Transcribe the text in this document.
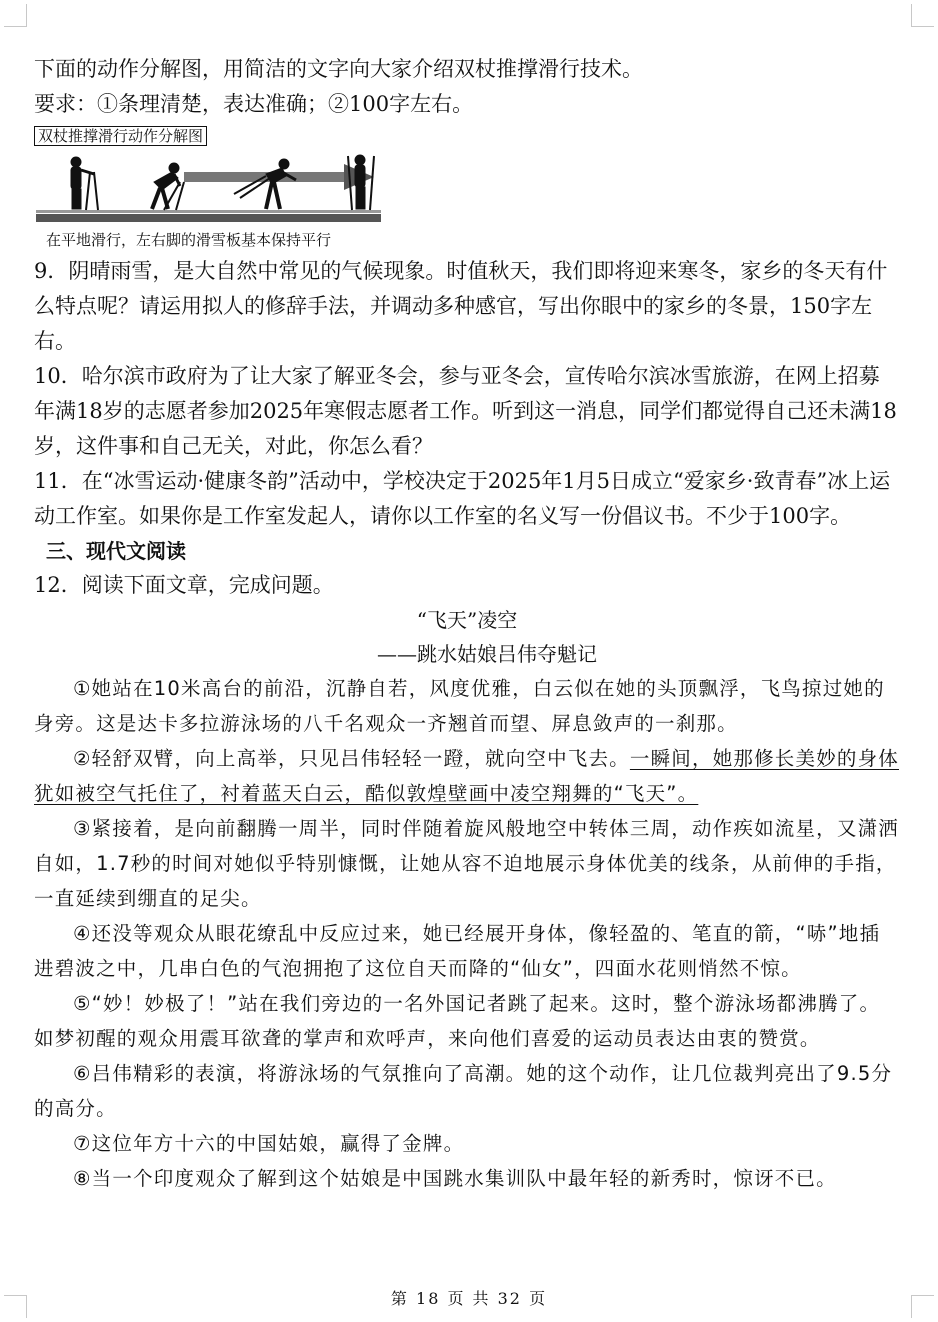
下面的动作分解图，用简洁的文字向大家介绍双杖推撑滑行技术。

要求：①条理清楚，表达准确；②100字左右。

双杖推撑滑行动作分解图
在平地滑行，左右脚的滑雪板基本保持平行

9．阴晴雨雪，是大自然中常见的气候现象。时值秋天，我们即将迎来寒冬，家乡的冬天有什么特点呢？请运用拟人的修辞手法，并调动多种感官，写出你眼中的家乡的冬景，150字左右。

10．哈尔滨市政府为了让大家了解亚冬会，参与亚冬会，宣传哈尔滨冰雪旅游，在网上招募年满18岁的志愿者参加2025年寒假志愿者工作。听到这一消息，同学们都觉得自己还未满18岁，这件事和自己无关，对此，你怎么看？

11．在“冰雪运动·健康冬韵”活动中，学校决定于2025年1月5日成立“爱家乡·致青春”冰上运动工作室。如果你是工作室发起人，请你以工作室的名义写一份倡议书。不少于100字。

三、现代文阅读

12．阅读下面文章，完成问题。

“飞天”凌空

——跳水姑娘吕伟夺魁记

①她站在10米高台的前沿，沉静自若，风度优雅，白云似在她的头顶飘浮，飞鸟掠过她的身旁。这是达卡多拉游泳场的八千名观众一齐翘首而望、屏息敛声的一刹那。

②轻舒双臂，向上高举，只见吕伟轻轻一蹬，就向空中飞去。一瞬间，她那修长美妙的身体犹如被空气托住了，衬着蓝天白云，酷似敦煌壁画中凌空翔舞的“飞天”。

③紧接着，是向前翻腾一周半，同时伴随着旋风般地空中转体三周，动作疾如流星，又潇洒自如，1.7秒的时间对她似乎特别慷慨，让她从容不迫地展示身体优美的线条，从前伸的手指，一直延续到绷直的足尖。

④还没等观众从眼花缭乱中反应过来，她已经展开身体，像轻盈的、笔直的箭，“哧”地插进碧波之中，几串白色的气泡拥抱了这位自天而降的“仙女”，四面水花则悄然不惊。

⑤“妙！妙极了！”站在我们旁边的一名外国记者跳了起来。这时，整个游泳场都沸腾了。如梦初醒的观众用震耳欲聋的掌声和欢呼声，来向他们喜爱的运动员表达由衷的赞赏。

⑥吕伟精彩的表演，将游泳场的气氛推向了高潮。她的这个动作，让几位裁判亮出了9.5分的高分。

⑦这位年方十六的中国姑娘，赢得了金牌。

⑧当一个印度观众了解到这个姑娘是中国跳水集训队中最年轻的新秀时，惊讶不已。

第 18 页 共 32 页
